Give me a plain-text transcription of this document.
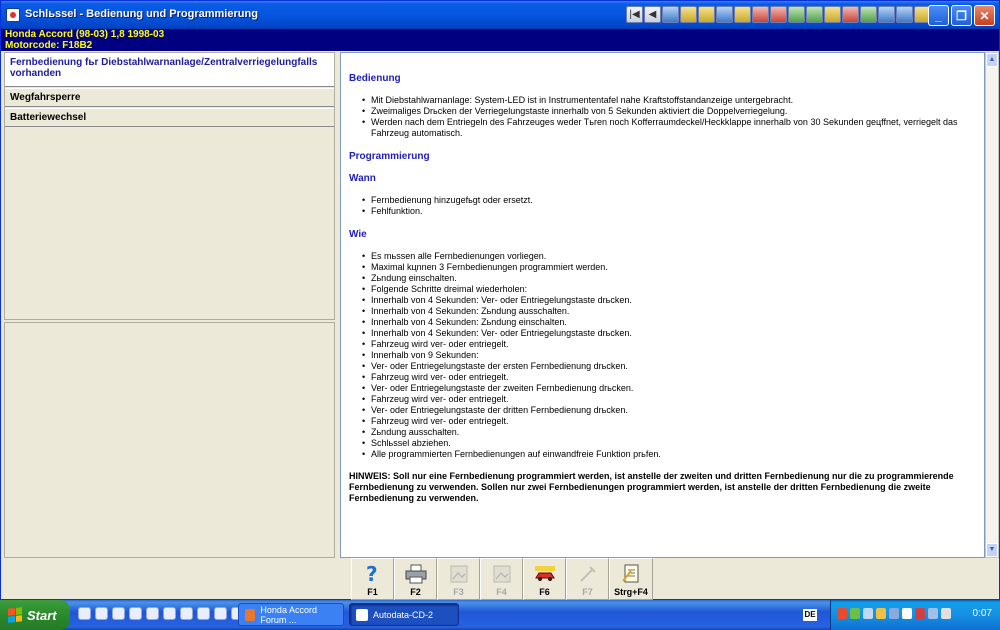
Schlьssel - Bedienung und Programmierung	|◀ ◀	_	❐	✕
Honda Accord (98-03) 1,8 1998-03
Motorcode: F18B2
Fernbedienung fьr Diebstahlwarnanlage/Zentralverriegelungfalls vorhanden
Wegfahrsperre
Batteriewechsel
Bedienung
• Mit Diebstahlwarnanlage: System-LED ist in Instrumententafel nahe Kraftstoffstandanzeige untergebracht.
• Zweimaliges Drьcken der Verriegelungstaste innerhalb von 5 Sekunden aktiviert die Doppelverriegelung.
• Werden nach dem Entriegeln des Fahrzeuges weder Tьren noch Kofferraumdeckel/Heckklappe innerhalb von 30 Sekunden geцffnet, verriegelt das Fahrzeug automatisch.
Programmierung
Wann
• Fernbedienung hinzugefьgt oder ersetzt.
• Fehlfunktion.
Wie
• Es mьssen alle Fernbedienungen vorliegen.
• Maximal kцnnen 3 Fernbedienungen programmiert werden.
• Zьndung einschalten.
• Folgende Schritte dreimal wiederholen:
• Innerhalb von 4 Sekunden: Ver- oder Entriegelungstaste drьcken.
• Innerhalb von 4 Sekunden: Zьndung ausschalten.
• Innerhalb von 4 Sekunden: Zьndung einschalten.
• Innerhalb von 4 Sekunden: Ver- oder Entriegelungstaste drьcken.
• Fahrzeug wird ver- oder entriegelt.
• Innerhalb von 9 Sekunden:
• Ver- oder Entriegelungstaste der ersten Fernbedienung drьcken.
• Fahrzeug wird ver- oder entriegelt.
• Ver- oder Entriegelungstaste der zweiten Fernbedienung drьcken.
• Fahrzeug wird ver- oder entriegelt.
• Ver- oder Entriegelungstaste der dritten Fernbedienung drьcken.
• Fahrzeug wird ver- oder entriegelt.
• Zьndung ausschalten.
• Schlьssel abziehen.
• Alle programmierten Fernbedienungen auf einwandfreie Funktion prьfen.

HINWEIS: Soll nur eine Fernbedienung programmiert werden, ist anstelle der zweiten und dritten Fernbedienung nur die zu programmierende Fernbedienung zu verwenden. Sollen nur zwei Fernbedienungen programmiert werden, ist anstelle der dritten Fernbedienung die zweite Fernbedienung zu verwenden.

▲
▼
?
F1	F2	F3	F4	F6	F7 Strg+F4
Start	Honda Accord Forum ...	Autodata-CD-2	DE	0:07
